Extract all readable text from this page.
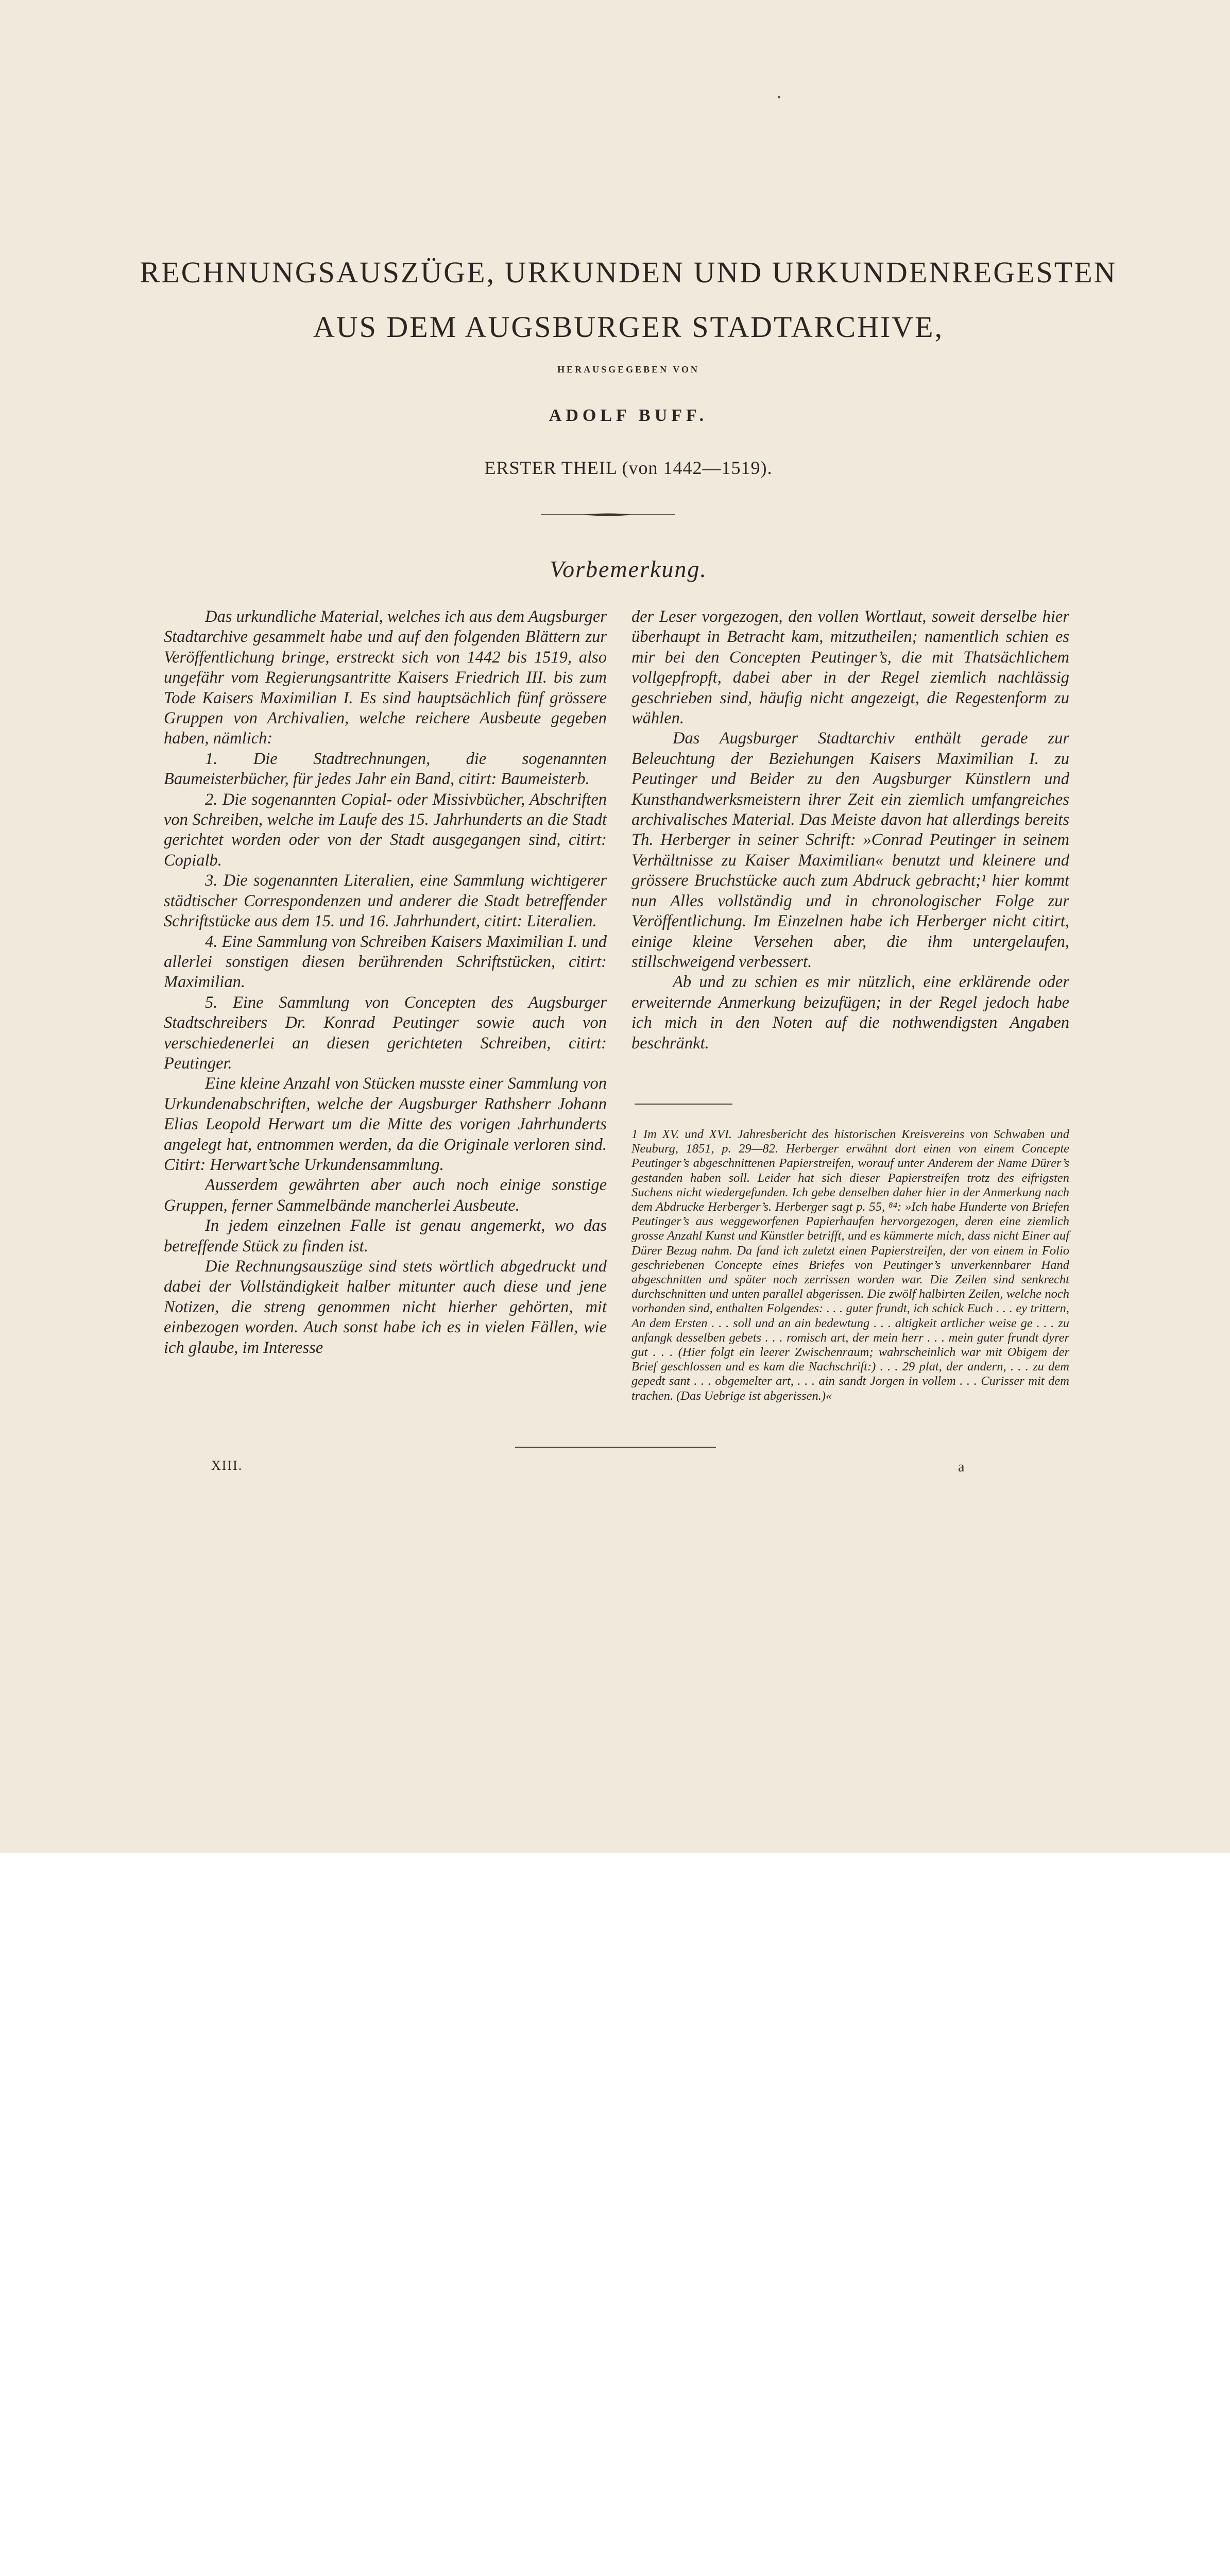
RECHNUNGSAUSZÜGE, URKUNDEN UND URKUNDENREGESTEN
AUS DEM AUGSBURGER STADTARCHIVE,
HERAUSGEGEBEN VON
ADOLF BUFF.
ERSTER THEIL (von 1442—1519).
Vorbemerkung.

Das urkundliche Material, welches ich aus dem Augsburger Stadtarchive gesammelt habe und auf den folgenden Blättern zur Veröffentlichung bringe, erstreckt sich von 1442 bis 1519, also ungefähr vom Regierungsantritte Kaisers Friedrich III. bis zum Tode Kaisers Maximilian I. Es sind hauptsächlich fünf grössere Gruppen von Archivalien, welche reichere Ausbeute gegeben haben, nämlich:

1. Die Stadtrechnungen, die sogenannten Baumeisterbücher, für jedes Jahr ein Band, citirt: Baumeisterb.

2. Die sogenannten Copial- oder Missivbücher, Abschriften von Schreiben, welche im Laufe des 15. Jahrhunderts an die Stadt gerichtet worden oder von der Stadt ausgegangen sind, citirt: Copialb.

3. Die sogenannten Literalien, eine Sammlung wichtigerer städtischer Correspondenzen und anderer die Stadt betreffender Schriftstücke aus dem 15. und 16. Jahrhundert, citirt: Literalien.

4. Eine Sammlung von Schreiben Kaisers Maximilian I. und allerlei sonstigen diesen berührenden Schriftstücken, citirt: Maximilian.

5. Eine Sammlung von Concepten des Augsburger Stadtschreibers Dr. Konrad Peutinger sowie auch von verschiedenerlei an diesen gerichteten Schreiben, citirt: Peutinger.

Eine kleine Anzahl von Stücken musste einer Sammlung von Urkundenabschriften, welche der Augsburger Rathsherr Johann Elias Leopold Herwart um die Mitte des vorigen Jahrhunderts angelegt hat, entnommen werden, da die Originale verloren sind. Citirt: Herwart’sche Urkundensammlung.

Ausserdem gewährten aber auch noch einige sonstige Gruppen, ferner Sammelbände mancherlei Ausbeute.

In jedem einzelnen Falle ist genau angemerkt, wo das betreffende Stück zu finden ist.

Die Rechnungsauszüge sind stets wörtlich abgedruckt und dabei der Vollständigkeit halber mitunter auch diese und jene Notizen, die streng genommen nicht hierher gehörten, mit einbezogen worden. Auch sonst habe ich es in vielen Fällen, wie ich glaube, im Interesse

der Leser vorgezogen, den vollen Wortlaut, soweit derselbe hier überhaupt in Betracht kam, mitzutheilen; namentlich schien es mir bei den Concepten Peutinger’s, die mit Thatsächlichem vollgepfropft, dabei aber in der Regel ziemlich nachlässig geschrieben sind, häufig nicht angezeigt, die Regestenform zu wählen.

Das Augsburger Stadtarchiv enthält gerade zur Beleuchtung der Beziehungen Kaisers Maximilian I. zu Peutinger und Beider zu den Augsburger Künstlern und Kunsthandwerksmeistern ihrer Zeit ein ziemlich umfangreiches archivalisches Material. Das Meiste davon hat allerdings bereits Th. Herberger in seiner Schrift: »Conrad Peutinger in seinem Verhältnisse zu Kaiser Maximilian« benutzt und kleinere und grössere Bruchstücke auch zum Abdruck gebracht;¹ hier kommt nun Alles vollständig und in chronologischer Folge zur Veröffentlichung. Im Einzelnen habe ich Herberger nicht citirt, einige kleine Versehen aber, die ihm untergelaufen, stillschweigend verbessert.

Ab und zu schien es mir nützlich, eine erklärende oder erweiternde Anmerkung beizufügen; in der Regel jedoch habe ich mich in den Noten auf die nothwendigsten Angaben beschränkt.

1 Im XV. und XVI. Jahresbericht des historischen Kreisvereins von Schwaben und Neuburg, 1851, p. 29—82. Herberger erwähnt dort einen von einem Concepte Peutinger’s abgeschnittenen Papierstreifen, worauf unter Anderem der Name Dürer’s gestanden haben soll. Leider hat sich dieser Papierstreifen trotz des eifrigsten Suchens nicht wiedergefunden. Ich gebe denselben daher hier in der Anmerkung nach dem Abdrucke Herberger’s. Herberger sagt p. 55, ⁸⁴: »Ich habe Hunderte von Briefen Peutinger’s aus weggeworfenen Papierhaufen hervorgezogen, deren eine ziemlich grosse Anzahl Kunst und Künstler betrifft, und es kümmerte mich, dass nicht Einer auf Dürer Bezug nahm. Da fand ich zuletzt einen Papierstreifen, der von einem in Folio geschriebenen Concepte eines Briefes von Peutinger’s unverkennbarer Hand abgeschnitten und später noch zerrissen worden war. Die Zeilen sind senkrecht durchschnitten und unten parallel abgerissen. Die zwölf halbirten Zeilen, welche noch vorhanden sind, enthalten Folgendes: . . . guter frundt, ich schick Euch . . . ey trittern, An dem Ersten . . . soll und an ain bedewtung . . . altigkeit artlicher weise ge . . . zu anfangk desselben gebets . . . romisch art, der mein herr . . . mein guter frundt dyrer gut . . . (Hier folgt ein leerer Zwischenraum; wahrscheinlich war mit Obigem der Brief geschlossen und es kam die Nachschrift:) . . . 29 plat, der andern, . . . zu dem gepedt sant . . . obgemelter art, . . . ain sandt Jorgen in vollem . . . Curisser mit dem trachen. (Das Uebrige ist abgerissen.)«
XIII.	a
